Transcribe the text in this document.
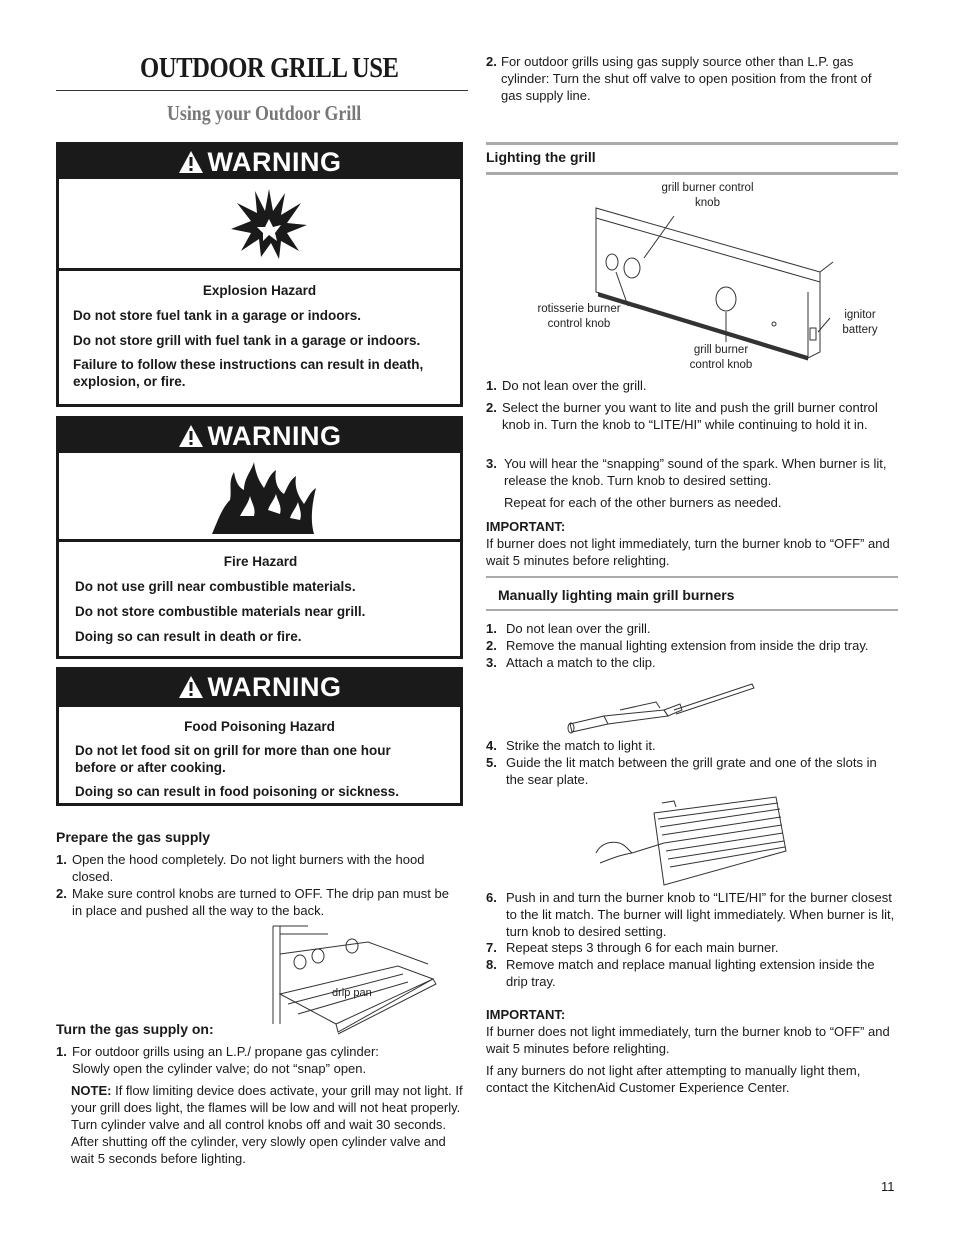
OUTDOOR GRILL USE
Using your Outdoor Grill
WARNING

Explosion Hazard

Do not store fuel tank in a garage or indoors.

Do not store grill with fuel tank in a garage or indoors.

Failure to follow these instructions can result in death, explosion, or fire.

WARNING

Fire Hazard

Do not use grill near combustible materials.

Do not store combustible materials near grill.

Doing so can result in death or fire.

WARNING

Food Poisoning Hazard

Do not let food sit on grill for more than one hour before or after cooking.

Doing so can result in food poisoning or sickness.

Prepare the gas supply
1. Open the hood completely. Do not light burners with the hood closed.
2. Make sure control knobs are turned to OFF. The drip pan must be in place and pushed all the way to the back.
drip pan
Turn the gas supply on:
1. For outdoor grills using an L.P./ propane gas cylinder: Slowly open the cylinder valve; do not “snap” open.
NOTE: If flow limiting device does activate, your grill may not light. If your grill does light, the flames will be low and will not heat properly. Turn cylinder valve and all control knobs off and wait 30 seconds. After shutting off the cylinder, very slowly open cylinder valve and wait 5 seconds before lighting.
2. For outdoor grills using gas supply source other than L.P. gas cylinder: Turn the shut off valve to open position from the front of gas supply line.
Lighting the grill
grill burner control knob
rotisserie burner control knob
grill burner control knob
ignitor battery
1. Do not lean over the grill.
2. Select the burner you want to lite and push the grill burner control knob in. Turn the knob to “LITE/HI” while continuing to hold it in.
3. You will hear the “snapping” sound of the spark. When burner is lit, release the knob. Turn knob to desired setting.
Repeat for each of the other burners as needed.
IMPORTANT:
If burner does not light immediately, turn the burner knob to “OFF” and wait 5 minutes before relighting.
Manually lighting main grill burners
1. Do not lean over the grill.
2. Remove the manual lighting extension from inside the drip tray.
3. Attach a match to the clip.
4. Strike the match to light it.
5. Guide the lit match between the grill grate and one of the slots in the sear plate.
6. Push in and turn the burner knob to “LITE/HI” for the burner closest to the lit match. The burner will light immediately. When burner is lit, turn knob to desired setting.
7. Repeat steps 3 through 6 for each main burner.
8. Remove match and replace manual lighting extension inside the drip tray.
IMPORTANT:
If burner does not light immediately, turn the burner knob to “OFF” and wait 5 minutes before relighting.
If any burners do not light after attempting to manually light them, contact the KitchenAid Customer Experience Center.
11
